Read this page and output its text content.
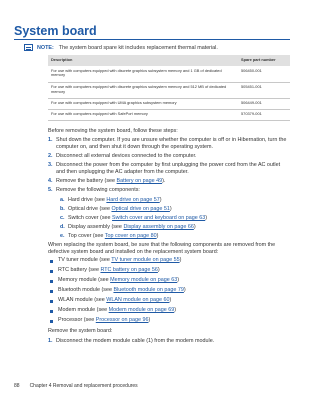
System board
NOTE: The system board spare kit includes replacement thermal material.
Description	Spare part number
For use with computers equipped with discrete graphics subsystem memory and 1 GB of dedicated memory	506450-001
For use with computers equipped with discrete graphics subsystem memory and 512 MB of dedicated memory	505451-001
For use with computers equipped with UMA graphics subsystem memory	506449-001
For use with computers equipped with SafePort memory	570379-001
Before removing the system board, follow these steps:
1. Shut down the computer. If you are unsure whether the computer is off or in Hibernation, turn the computer on, and then shut it down through the operating system.
2. Disconnect all external devices connected to the computer.
3. Disconnect the power from the computer by first unplugging the power cord from the AC outlet and then unplugging the AC adapter from the computer.
4. Remove the battery (see Battery on page 49).
5. Remove the following components:
a. Hard drive (see Hard drive on page 57)
b. Optical drive (see Optical drive on page 51)
c. Switch cover (see Switch cover and keyboard on page 63)
d. Display assembly (see Display assembly on page 66)
e. Top cover (see Top cover on page 80)
When replacing the system board, be sure that the following components are removed from the defective system board and installed on the replacement system board:
TV tuner module (see TV tuner module on page 55)
RTC battery (see RTC battery on page 56)
Memory module (see Memory module on page 63)
Bluetooth module (see Bluetooth module on page 79)
WLAN module (see WLAN module on page 60)
Modem module (see Modem module on page 69)
Processor (see Processor on page 96)
Remove the system board:
1. Disconnect the modem module cable (1) from the modem module.
88 Chapter 4 Removal and replacement procedures
